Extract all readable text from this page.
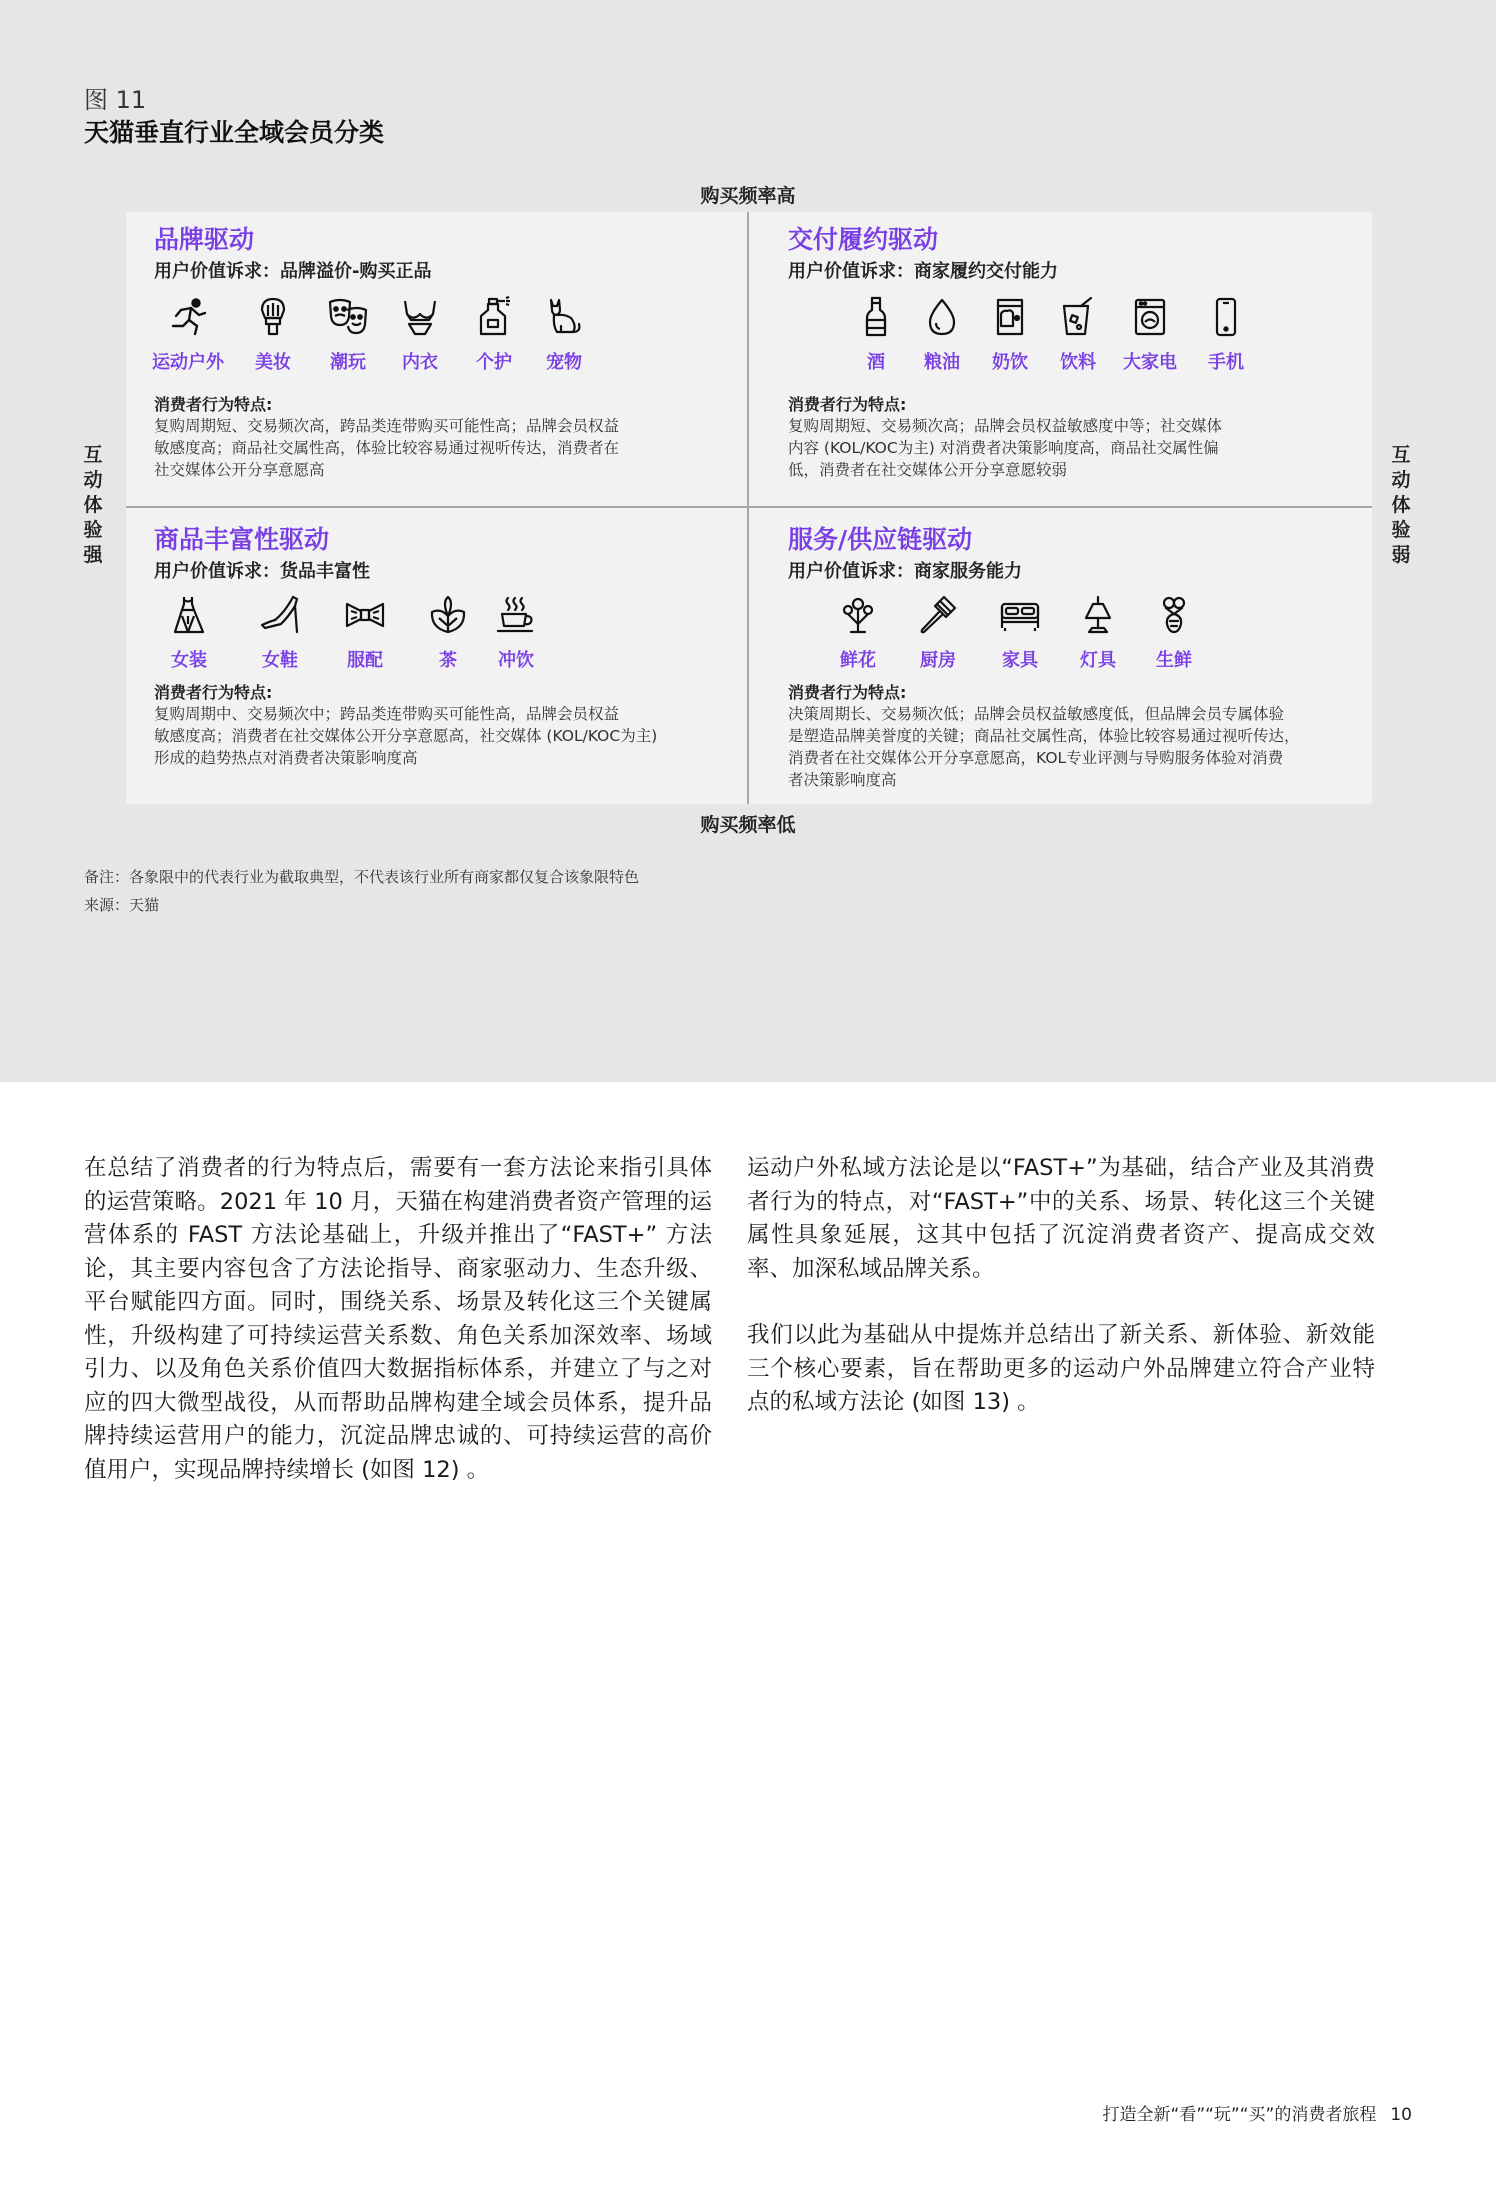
图 11
天猫垂直行业全域会员分类
购买频率高
互动体验强
互动体验弱
品牌驱动
用户价值诉求：品牌溢价-购买正品
运动户外	美妆	潮玩	内衣	个护	宠物
消费者行为特点:
复购周期短、交易频次高，跨品类连带购买可能性高；品牌会员权益
敏感度高；商品社交属性高，体验比较容易通过视听传达，消费者在
社交媒体公开分享意愿高
交付履约驱动
用户价值诉求：商家履约交付能力
酒	粮油	奶饮	饮料	大家电	手机
消费者行为特点:
复购周期短、交易频次高；品牌会员权益敏感度中等；社交媒体
内容 (KOL/KOC为主) 对消费者决策影响度高，商品社交属性偏
低，消费者在社交媒体公开分享意愿较弱
商品丰富性驱动
用户价值诉求：货品丰富性
女装	女鞋	服配	茶	冲饮
消费者行为特点:
复购周期中、交易频次中；跨品类连带购买可能性高，品牌会员权益
敏感度高；消费者在社交媒体公开分享意愿高，社交媒体 (KOL/KOC为主)
形成的趋势热点对消费者决策影响度高
服务/供应链驱动
用户价值诉求：商家服务能力
鲜花	厨房	家具	灯具	生鲜
消费者行为特点:
决策周期长、交易频次低；品牌会员权益敏感度低，但品牌会员专属体验
是塑造品牌美誉度的关键；商品社交属性高，体验比较容易通过视听传达，
消费者在社交媒体公开分享意愿高，KOL专业评测与导购服务体验对消费
者决策影响度高
购买频率低
备注：各象限中的代表行业为截取典型，不代表该行业所有商家都仅复合该象限特色
来源：天猫

在总结了消费者的行为特点后，需要有一套方法论来指引具体的运营策略。2021 年 10 月，天猫在构建消费者资产管理的运营体系的 FAST 方法论基础上，升级并推出了“FAST+” 方法论，其主要内容包含了方法论指导、商家驱动力、生态升级、平台赋能四方面。同时，围绕关系、场景及转化这三个关键属性，升级构建了可持续运营关系数、角色关系加深效率、场域引力、以及角色关系价值四大数据指标体系，并建立了与之对应的四大微型战役，从而帮助品牌构建全域会员体系，提升品牌持续运营用户的能力，沉淀品牌忠诚的、可持续运营的高价值用户，实现品牌持续增长 (如图 12) 。

运动户外私域方法论是以“FAST+”为基础，结合产业及其消费者行为的特点，对“FAST+”中的关系、场景、转化这三个关键属性具象延展，这其中包括了沉淀消费者资产、提高成交效率、加深私域品牌关系。

我们以此为基础从中提炼并总结出了新关系、新体验、新效能三个核心要素，旨在帮助更多的运动户外品牌建立符合产业特点的私域方法论 (如图 13) 。

打造全新“看”“玩”“买”的消费者旅程 10
